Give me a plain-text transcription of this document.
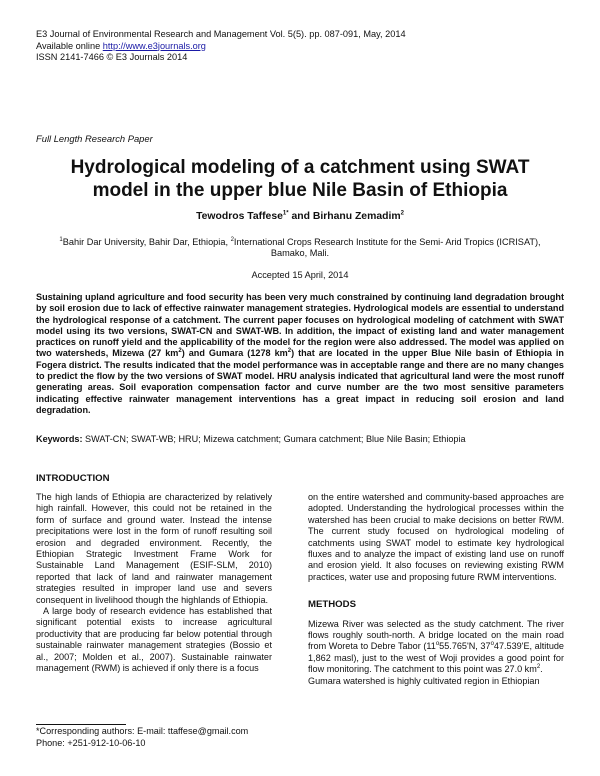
E3 Journal of Environmental Research and Management Vol. 5(5). pp. 087-091, May, 2014
Available online http://www.e3journals.org
ISSN 2141-7466 © E3 Journals 2014
Full Length Research Paper
Hydrological modeling of a catchment using SWAT
model in the upper blue Nile Basin of Ethiopia
Tewodros Taffese$^{1*}$ and Birhanu Zemadim$^2$
$^1$Bahir Dar University, Bahir Dar, Ethiopia, $^2$International Crops Research Institute for the Semi- Arid Tropics (ICRISAT),
Bamako, Mali.
Accepted 15 April, 2014
Sustaining upland agriculture and food security has been very much constrained by continuing land degradation brought by soil erosion due to lack of effective rainwater management strategies. Hydrological models are essential to understand the hydrological response of a catchment. The current paper focuses on hydrological modeling of catchment with SWAT model using its two versions, SWAT-CN and SWAT-WB. In addition, the impact of existing land and water management practices on runoff yield and the applicability of the model for the region were also addressed. The model was applied on two watersheds, Mizewa (27 $km^2$) and Gumara (1278 $km^2$) that are located in the upper Blue Nile basin of Ethiopia in Fogera district. The results indicated that the model performance was in acceptable range and there are no many changes to predict the flow by the two versions of SWAT model. HRU analysis indicated that agricultural land were the most runoff generating areas. Soil evaporation compensation factor and curve number are the two most sensitive parameters indicating effective rainwater management interventions has a great impact in reducing soil erosion and land degradation.
Keywords: SWAT-CN; SWAT-WB; HRU; Mizewa catchment; Gumara catchment; Blue Nile Basin; Ethiopia
INTRODUCTION

The high lands of Ethiopia are characterized by relatively high rainfall. However, this could not be retained in the form of surface and ground water. Instead the intense precipitations were lost in the form of runoff resulting soil erosion and degraded environment. Recently, the Ethiopian Strategic Investment Frame Work for Sustainable Land Management (ESIF-SLM, 2010) reported that lack of land and rainwater management strategies resulted in improper land use and severs consequent in livelihood though the highlands of Ethiopia.

A large body of research evidence has established that significant potential exists to increase agricultural productivity that are producing far below potential through sustainable rainwater management strategies (Bossio et al., 2007; Molden et al., 2007). Sustainable rainwater management (RWM) is achieved if only there is a focus

on the entire watershed and community-based approaches are adopted. Understanding the hydrological processes within the watershed has been crucial to make decisions on better RWM. The current study focused on hydrological modeling of catchments using SWAT model to estimate key hydrological fluxes and to analyze the impact of existing land use on runoff and erosion yield. It also focuses on reviewing existing RWM practices, water use and proposing future RWM interventions.

METHODS

Mizewa River was selected as the study catchment. The river flows roughly south-north. A bridge located on the main road from Woreta to Debre Tabor (11$^o$55.765'N, 37$^o$47.539'E, altitude 1,862 masl), just to the west of Woji provides a good point for flow monitoring. The catchment to this point was 27.0 $km^2$.

Gumara watershed is highly cultivated region in Ethiopian

*Corresponding authors: E-mail: ttaffese@gmail.com
Phone: +251-912-10-06-10
